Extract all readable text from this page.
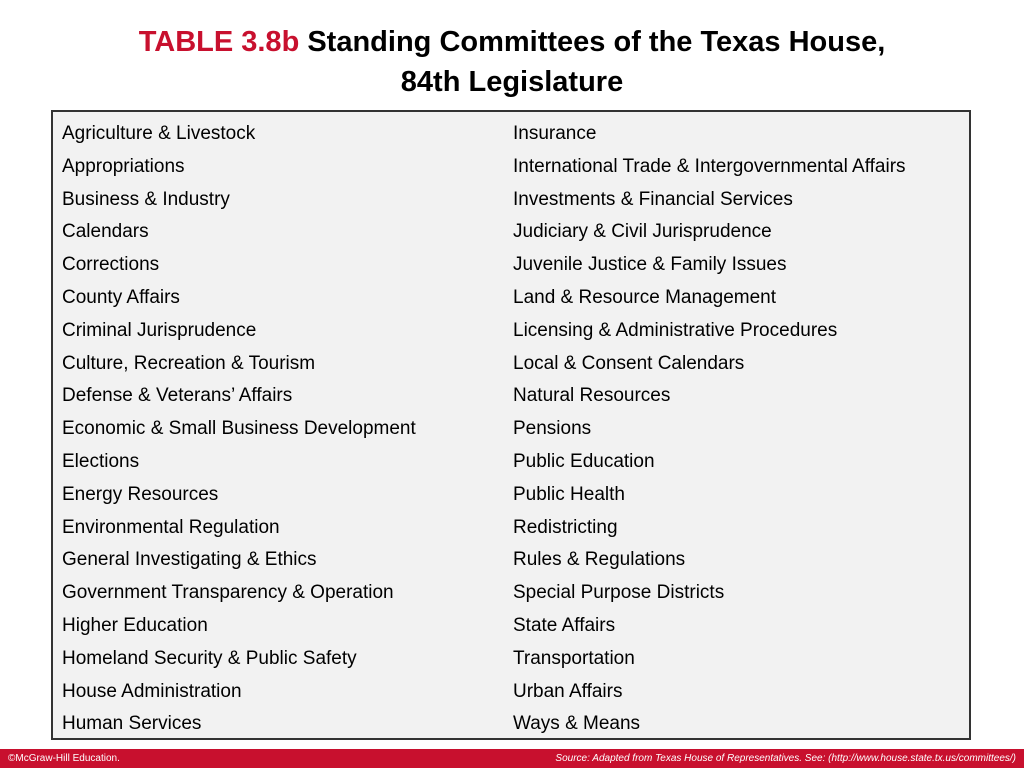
TABLE 3.8b Standing Committees of the Texas House,
84th Legislature
Agriculture & Livestock
Appropriations
Business & Industry
Calendars
Corrections
County Affairs
Criminal Jurisprudence
Culture, Recreation & Tourism
Defense & Veterans’ Affairs
Economic & Small Business Development
Elections
Energy Resources
Environmental Regulation
General Investigating & Ethics
Government Transparency & Operation
Higher Education
Homeland Security & Public Safety
House Administration
Human Services
Insurance
International Trade & Intergovernmental Affairs
Investments & Financial Services
Judiciary & Civil Jurisprudence
Juvenile Justice & Family Issues
Land & Resource Management
Licensing & Administrative Procedures
Local & Consent Calendars
Natural Resources
Pensions
Public Education
Public Health
Redistricting
Rules & Regulations
Special Purpose Districts
State Affairs
Transportation
Urban Affairs
Ways & Means
©McGraw-Hill Education.	Source: Adapted from Texas House of Representatives. See: (http://www.house.state.tx.us/committees/)
